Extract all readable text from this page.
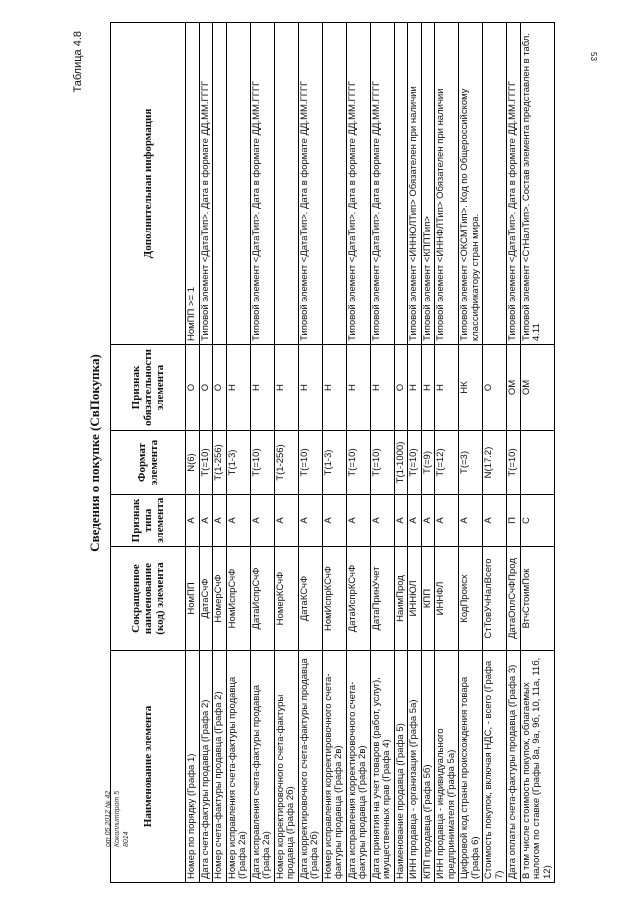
53
от 05.2012 № 42 Кокоплитпрот 5 8014
Таблица 4.8
Сведения о покупке (СвПокупка)
Наименование элемента	Сокращенное наименование (код) элемента	Признак типа элемента	Формат элемента	Признак обязательности элемента	Дополнительная информация
Номер по порядку (Графа 1)	НомПП	А	N(6)	О	НомПП >= 1
Дата счета-фактуры продавца (Графа 2)	ДатаСчФ	А	T(=10)	О	Типовой элемент <ДатаТип>. Дата в формате ДД.ММ.ГГГГ
Номер счета-фактуры продавца (Графа 2)	НомерСчФ	А	T(1-256)	О	
Номер исправления счета-фактуры продавца (Графа 2а)	НомИспрСчФ	А	T(1-3)	Н	
Дата исправления счета-фактуры продавца (Графа 2а)	ДатаИспрСчФ	А	T(=10)	Н	Типовой элемент <ДатаТип>. Дата в формате ДД.ММ.ГГГГ
Номер корректировочного счета-фактуры продавца (Графа 2б)	НомерКСчФ	А	T(1-256)	Н	
Дата корректировочного счета-фактуры продавца (Графа 2б)	ДатаКСчФ	А	T(=10)	Н	Типовой элемент <ДатаТип>. Дата в формате ДД.ММ.ГГГГ
Номер исправления корректировочного счета-фактуры продавца (Графа 2в)	НомИспрКСчФ	А	T(1-3)	Н	
Дата исправления корректировочного счета-фактуры продавца (Графа 2в)	ДатаИспрКСчФ	А	T(=10)	Н	Типовой элемент <ДатаТип>. Дата в формате ДД.ММ.ГГГГ
Дата принятия на учет товаров (работ, услуг), имущественных прав (Графа 4)	ДатаПринУчет	А	T(=10)	Н	Типовой элемент <ДатаТип>. Дата в формате ДД.ММ.ГГГГ
Наименование продавца (Графа 5)	НаимПрод	А	T(1-1000)	О	
ИНН продавца - организации (Графа 5а)	ИННЮЛ	А	T(=10)	Н	Типовой элемент <ИННЮЛТип> Обязателен при наличии
КПП продавца (Графа 5б)	КПП	А	T(=9)	Н	Типовой элемент <КППТип>
ИНН продавца - индивидуального предпринимателя (Графа 5а)	ИННФЛ	А	T(=12)	Н	Типовой элемент <ИННФЛТип> Обязателен при наличии
Цифровой код страны происхождения товара (Графа 6)	КодПроисх	А	T(=3)	НК	Типовой элемент <ОКСМТип>. Код по Общероссийскому классификатору стран мира.
Стоимость покупок, включая НДС, - всего (Графа 7)	СтТовУчНалВсего	А	N(17.2)	О	
Дата оплаты счета-фактуры продавца (Графа 3)	ДатаОплСчФПрод	П	T(=10)	ОМ	Типовой элемент <ДатаТип>. Дата в формате ДД.ММ.ГГГГ
В том числе стоимость покупок, облагаемых налогом по ставке (Графы 8а, 9а, 9б, 10, 11а, 11б, 12)	ВтчСтоимПок	С		ОМ	Типовой элемент <СтНалТип>. Состав элемента представлен в табл. 4.11
